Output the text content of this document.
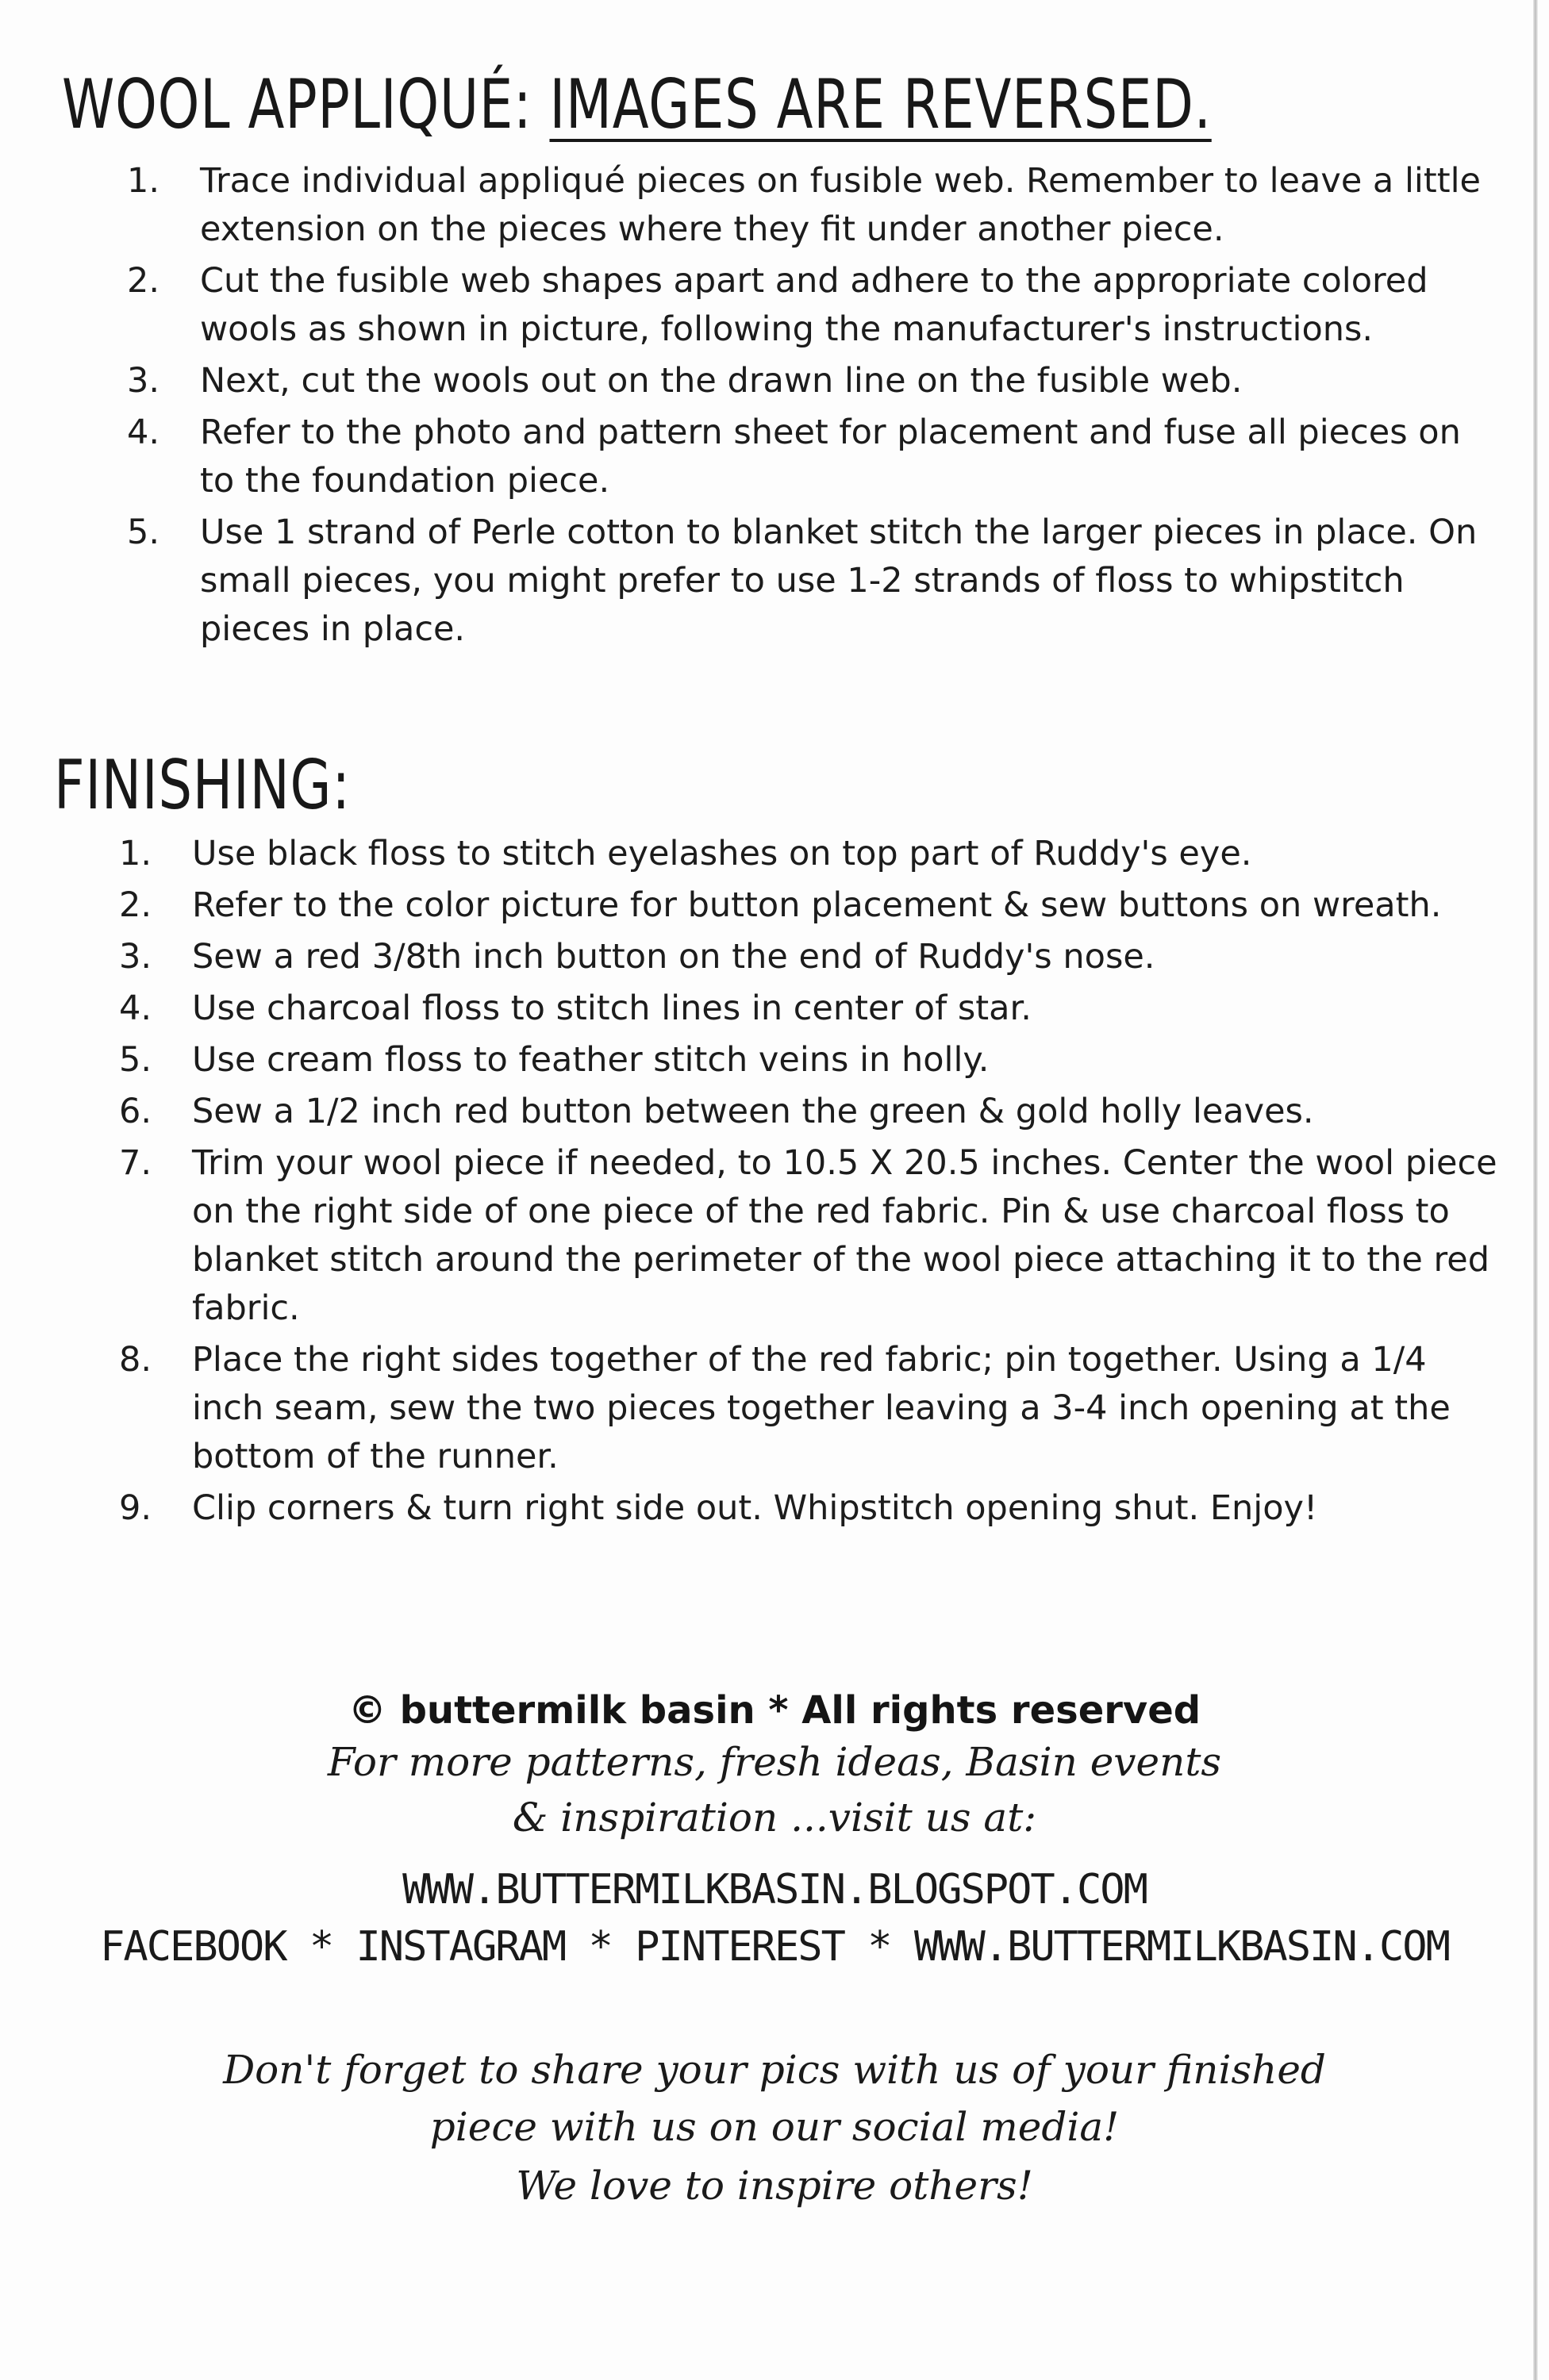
WOOL APPLIQUÉ: IMAGES ARE REVERSED.
1.	Trace individual appliqué pieces on fusible web. Remember to leave a little extension on the pieces where they fit under another piece.
2.	Cut the fusible web shapes apart and adhere to the appropriate colored wools as shown in picture, following the manufacturer's instructions.
3.	Next, cut the wools out on the drawn line on the fusible web.
4.	Refer to the photo and pattern sheet for placement and fuse all pieces on to the foundation piece.
5.	Use 1 strand of Perle cotton to blanket stitch the larger pieces in place. On small pieces, you might prefer to use 1-2 strands of floss to whipstitch pieces in place.
FINISHING:
1.	Use black floss to stitch eyelashes on top part of Ruddy's eye.
2.	Refer to the color picture for button placement & sew buttons on wreath.
3.	Sew a red 3/8th inch button on the end of Ruddy's nose.
4.	Use charcoal floss to stitch lines in center of star.
5.	Use cream floss to feather stitch veins in holly.
6.	Sew a 1/2 inch red button between the green & gold holly leaves.
7.	Trim your wool piece if needed, to 10.5 X 20.5 inches. Center the wool piece on the right side of one piece of the red fabric. Pin & use charcoal floss to blanket stitch around the perimeter of the wool piece attaching it to the red fabric.
8.	Place the right sides together of the red fabric; pin together. Using a 1/4 inch seam, sew the two pieces together leaving a 3-4 inch opening at the bottom of the runner.
9.	Clip corners & turn right side out. Whipstitch opening shut. Enjoy!
© buttermilk basin * All rights reserved
For more patterns, fresh ideas, Basin events
& inspiration ...visit us at:
WWW.BUTTERMILKBASIN.BLOGSPOT.COM
FACEBOOK * INSTAGRAM * PINTEREST * WWW.BUTTERMILKBASIN.COM
Don't forget to share your pics with us of your finished
piece with us on our social media!
We love to inspire others!
